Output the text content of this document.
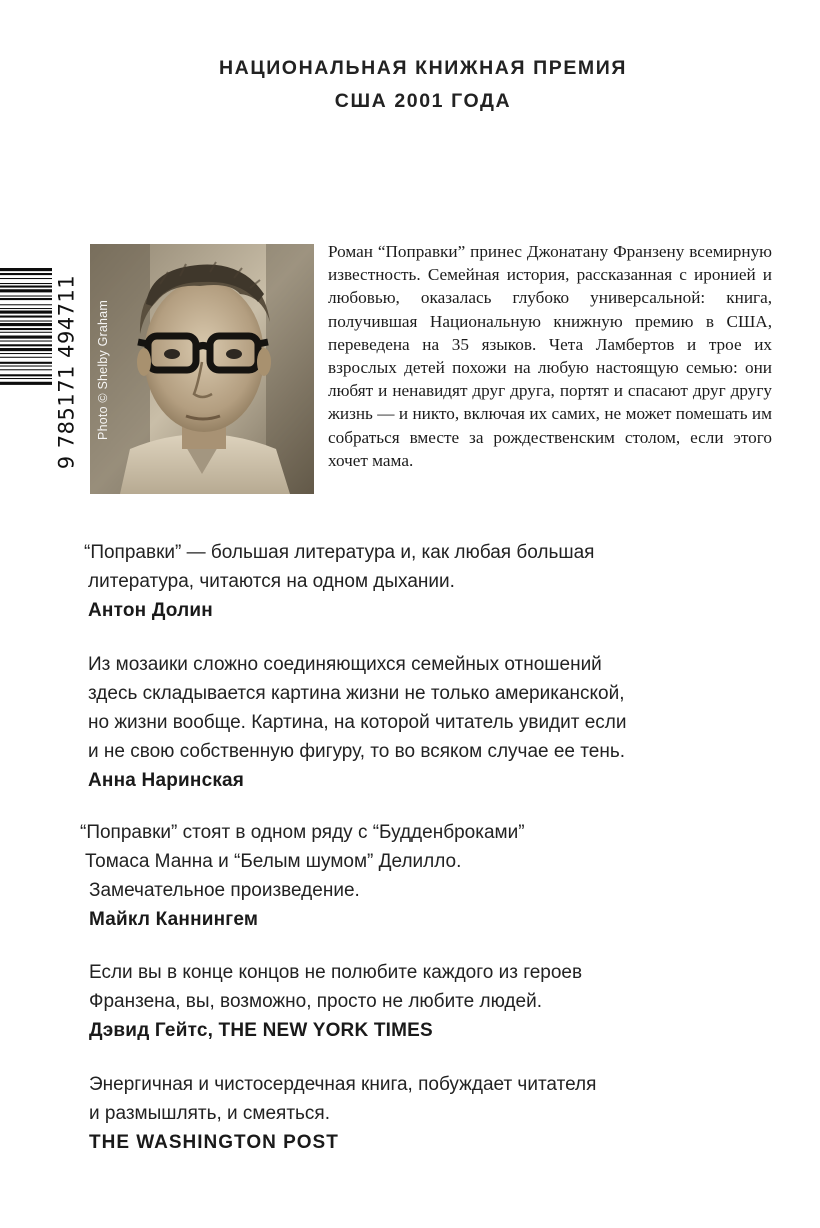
НАЦИОНАЛЬНАЯ КНИЖНАЯ ПРЕМИЯ
США 2001 ГОДА
9 785171 494711 Photo © Shelby Graham

Роман “Поправки” принес Джонатану Франзену всемирную известность. Семейная история, рассказанная с иронией и любовью, оказалась глубоко универсальной: книга, получившая Национальную книжную премию в США, переведена на 35 языков. Чета Ламбертов и трое их взрослых детей похожи на любую настоящую семью: они любят и ненавидят друг друга, портят и спасают друг другу жизнь — и никто, включая их самих, не может помешать им собраться вместе за рождественским столом, если этого хочет мама.

“Поправки” — большая литература и, как любая большая
литература, читаются на одном дыхании.
Антон Долин
Из мозаики сложно соединяющихся семейных отношений
здесь складывается картина жизни не только американской,
но жизни вообще. Картина, на которой читатель увидит если
и не свою собственную фигуру, то во всяком случае ее тень.
Анна Наринская
“Поправки” стоят в одном ряду с “Будденброками”
Томаса Манна и “Белым шумом” Делилло.
Замечательное произведение.
Майкл Каннингем
Если вы в конце концов не полюбите каждого из героев
Франзена, вы, возможно, просто не любите людей.
Дэвид Гейтс, THE NEW YORK TIMES
Энергичная и чистосердечная книга, побуждает читателя
и размышлять, и смеяться.
THE WASHINGTON POST
